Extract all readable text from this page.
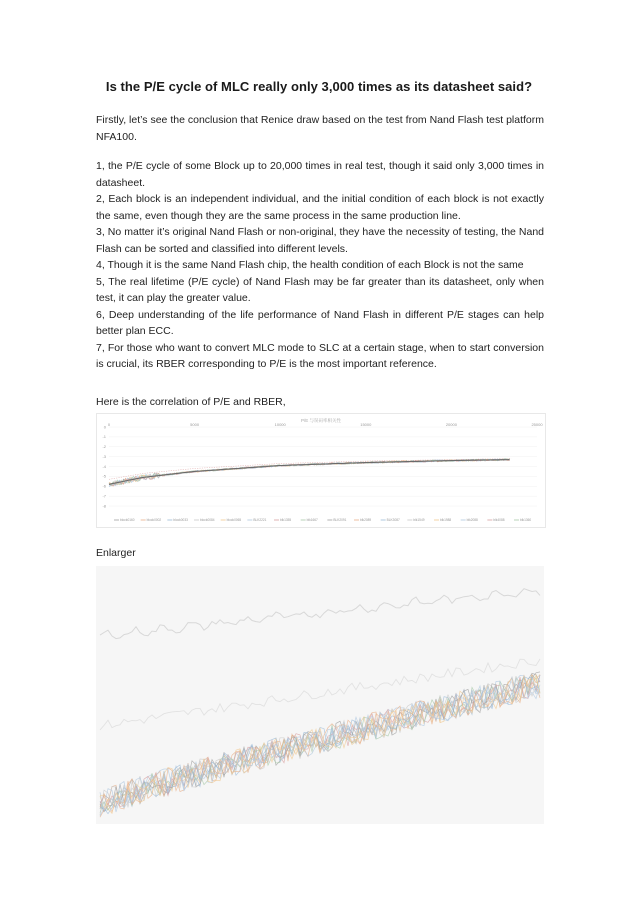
Is the P/E cycle of MLC really only 3,000 times as its datasheet said?
Firstly, let’s see the conclusion that Renice draw based on the test from Nand Flash test platform NFA100.

1, the P/E cycle of some Block up to 20,000 times in real test, though it said only 3,000 times in datasheet.

2, Each block is an independent individual, and the initial condition of each block is not exactly the same, even though they are the same process in the same production line.

3, No matter it’s original Nand Flash or non-original, they have the necessity of testing, the Nand Flash can be sorted and classified into different levels.

4, Though it is the same Nand Flash chip, the health condition of each Block is not the same

5, The real lifetime (P/E cycle) of Nand Flash may be far greater than its datasheet, only when test, it can play the greater value.

6, Deep understanding of the life performance of Nand Flash in different P/E stages can help better plan ECC.

7, For those who want to convert MLC mode to SLC at a certain stage, when to start conversion is crucial, its RBER corresponding to P/E is the most important reference.

Here is the correlation of P/E and RBER,
P/E 与误码率相关性
0	5000	10000	15000	20000	25000
0
-1
-2
-3
-4
-5
-6
-7
-8
block0160	block0002	block0033	block0084	block0065	BLK2221	blk1355	blk1667	BLK2091	blk2089	BLK3087	blk1549	blk1988	blk2088	blk4088	blk1360
Enlarger
